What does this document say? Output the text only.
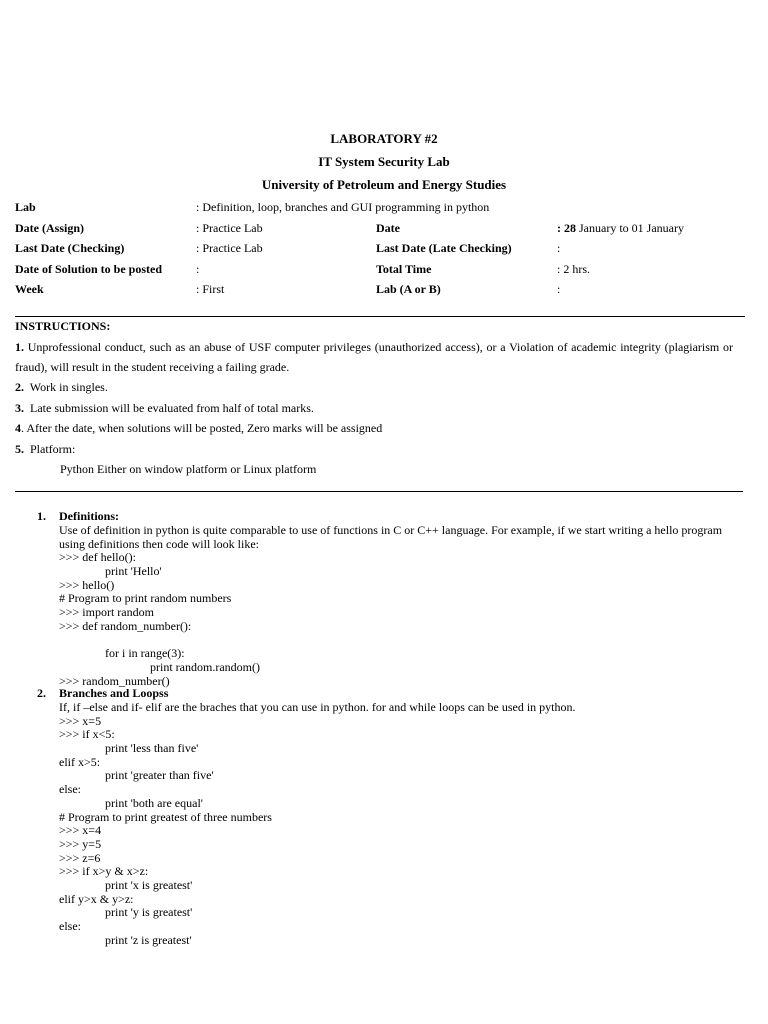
LABORATORY #2
IT System Security Lab
University of Petroleum and Energy Studies
Lab	: Definition, loop, branches and GUI programming in python
Date (Assign)	: Practice Lab	Date	: 28 January to 01 January
Last Date (Checking)	: Practice Lab	Last Date (Late Checking)	:
Date of Solution to be posted	:	Total Time	: 2 hrs.
Week	: First	Lab (A or B)	:
INSTRUCTIONS:
1. Unprofessional conduct, such as an abuse of USF computer privileges (unauthorized access), or a Violation of academic integrity (plagiarism or fraud), will result in the student receiving a failing grade.
2. Work in singles.
3. Late submission will be evaluated from half of total marks.
4. After the date, when solutions will be posted, Zero marks will be assigned
5. Platform:
Python Either on window platform or Linux platform
1. Definitions:
Use of definition in python is quite comparable to use of functions in C or C++ language. For example, if we start writing a hello program using definitions then code will look like:
>>> def hello():
print 'Hello'
>>> hello()
# Program to print random numbers
>>> import random
>>> def random_number():
for i in range(3):
print random.random()
>>> random_number()
2. Branches and Loopss
If, if –else and if- elif are the braches that you can use in python. for and while loops can be used in python.
>>> x=5
>>> if x<5:
print 'less than five'
elif x>5:
print 'greater than five'
else:
print 'both are equal'
# Program to print greatest of three numbers
>>> x=4
>>> y=5
>>> z=6
>>> if x>y & x>z:
print 'x is greatest'
elif y>x & y>z:
print 'y is greatest'
else:
print 'z is greatest'
